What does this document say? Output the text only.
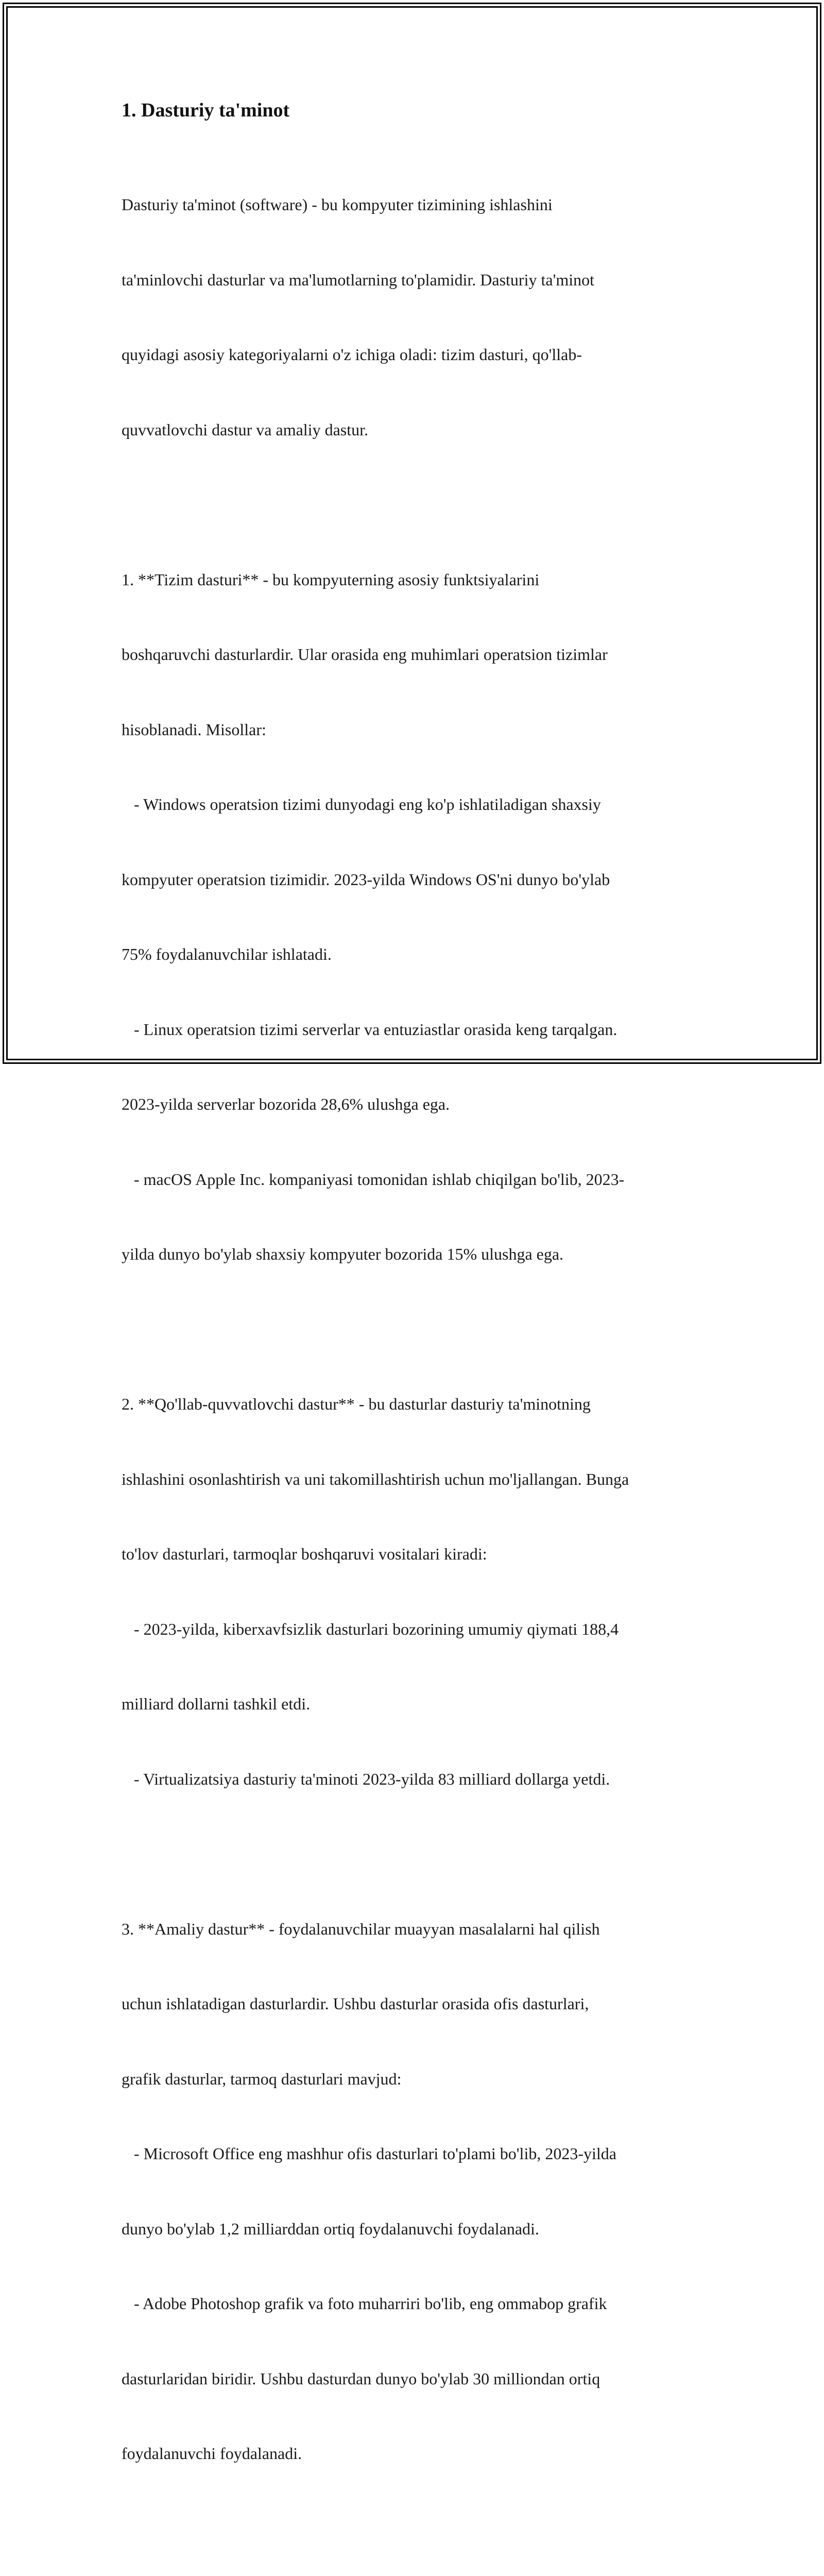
1. Dasturiy ta'minot

Dasturiy ta'minot (software) - bu kompyuter tizimining ishlashini

ta'minlovchi dasturlar va ma'lumotlarning to'plamidir. Dasturiy ta'minot

quyidagi asosiy kategoriyalarni o'z ichiga oladi: tizim dasturi, qo'llab-

quvvatlovchi dastur va amaliy dastur.

1. **Tizim dasturi** - bu kompyuterning asosiy funktsiyalarini

boshqaruvchi dasturlardir. Ular orasida eng muhimlari operatsion tizimlar

hisoblanadi. Misollar:

- Windows operatsion tizimi dunyodagi eng ko'p ishlatiladigan shaxsiy

kompyuter operatsion tizimidir. 2023-yilda Windows OS'ni dunyo bo'ylab

75% foydalanuvchilar ishlatadi.

- Linux operatsion tizimi serverlar va entuziastlar orasida keng tarqalgan.

2023-yilda serverlar bozorida 28,6% ulushga ega.

- macOS Apple Inc. kompaniyasi tomonidan ishlab chiqilgan bo'lib, 2023-

yilda dunyo bo'ylab shaxsiy kompyuter bozorida 15% ulushga ega.

2. **Qo'llab-quvvatlovchi dastur** - bu dasturlar dasturiy ta'minotning

ishlashini osonlashtirish va uni takomillashtirish uchun mo'ljallangan. Bunga

to'lov dasturlari, tarmoqlar boshqaruvi vositalari kiradi:

- 2023-yilda, kiberxavfsizlik dasturlari bozorining umumiy qiymati 188,4

milliard dollarni tashkil etdi.

- Virtualizatsiya dasturiy ta'minoti 2023-yilda 83 milliard dollarga yetdi.

3. **Amaliy dastur** - foydalanuvchilar muayyan masalalarni hal qilish

uchun ishlatadigan dasturlardir. Ushbu dasturlar orasida ofis dasturlari,

grafik dasturlar, tarmoq dasturlari mavjud:

- Microsoft Office eng mashhur ofis dasturlari to'plami bo'lib, 2023-yilda

dunyo bo'ylab 1,2 milliarddan ortiq foydalanuvchi foydalanadi.

- Adobe Photoshop grafik va foto muharriri bo'lib, eng ommabop grafik

dasturlaridan biridir. Ushbu dasturdan dunyo bo'ylab 30 milliondan ortiq

foydalanuvchi foydalanadi.
